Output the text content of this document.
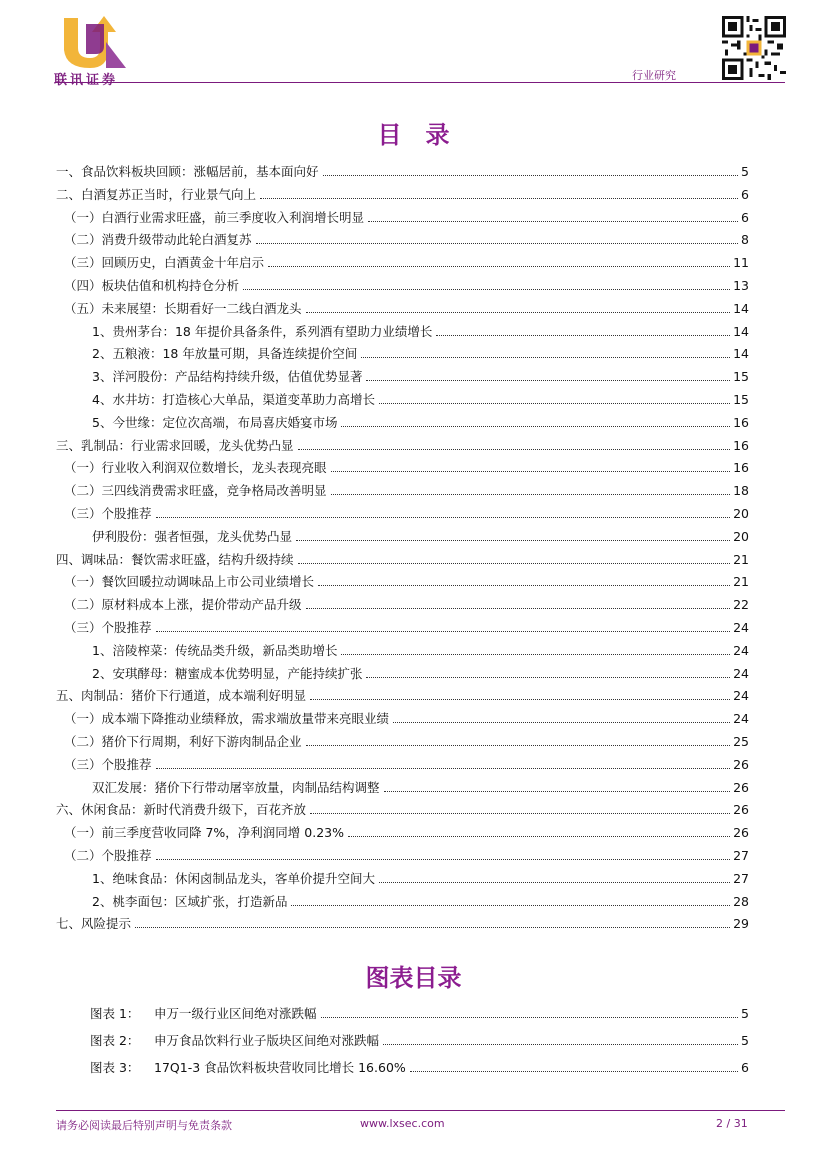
联讯证券	行业研究
目　录
一、食品饮料板块回顾：涨幅居前，基本面向好	5
二、白酒复苏正当时，行业景气向上	6
（一）白酒行业需求旺盛，前三季度收入利润增长明显	6
（二）消费升级带动此轮白酒复苏	8
（三）回顾历史，白酒黄金十年启示	11
（四）板块估值和机构持仓分析	13
（五）未来展望：长期看好一二线白酒龙头	14
1、贵州茅台：18 年提价具备条件，系列酒有望助力业绩增长	14
2、五粮液：18 年放量可期，具备连续提价空间	14
3、洋河股份：产品结构持续升级，估值优势显著	15
4、水井坊：打造核心大单品，渠道变革助力高增长	15
5、今世缘：定位次高端，布局喜庆婚宴市场	16
三、乳制品：行业需求回暖，龙头优势凸显	16
（一）行业收入利润双位数增长，龙头表现亮眼	16
（二）三四线消费需求旺盛，竞争格局改善明显	18
（三）个股推荐	20
伊利股份：强者恒强，龙头优势凸显	20
四、调味品：餐饮需求旺盛，结构升级持续	21
（一）餐饮回暖拉动调味品上市公司业绩增长	21
（二）原材料成本上涨，提价带动产品升级	22
（三）个股推荐	24
1、涪陵榨菜：传统品类升级，新品类助增长	24
2、安琪酵母：糖蜜成本优势明显，产能持续扩张	24
五、肉制品：猪价下行通道，成本端利好明显	24
（一）成本端下降推动业绩释放，需求端放量带来亮眼业绩	24
（二）猪价下行周期，利好下游肉制品企业	25
（三）个股推荐	26
双汇发展：猪价下行带动屠宰放量，肉制品结构调整	26
六、休闲食品：新时代消费升级下，百花齐放	26
（一）前三季度营收同降 7%，净利润同增 0.23%	26
（二）个股推荐	27
1、绝味食品：休闲卤制品龙头，客单价提升空间大	27
2、桃李面包：区域扩张，打造新品	28
七、风险提示	29
图表目录
图表 1：	申万一级行业区间绝对涨跌幅	5
图表 2：	申万食品饮料行业子版块区间绝对涨跌幅	5
图表 3：	17Q1-3 食品饮料板块营收同比增长 16.60%	6
请务必阅读最后特别声明与免责条款	www.lxsec.com	2 / 31
